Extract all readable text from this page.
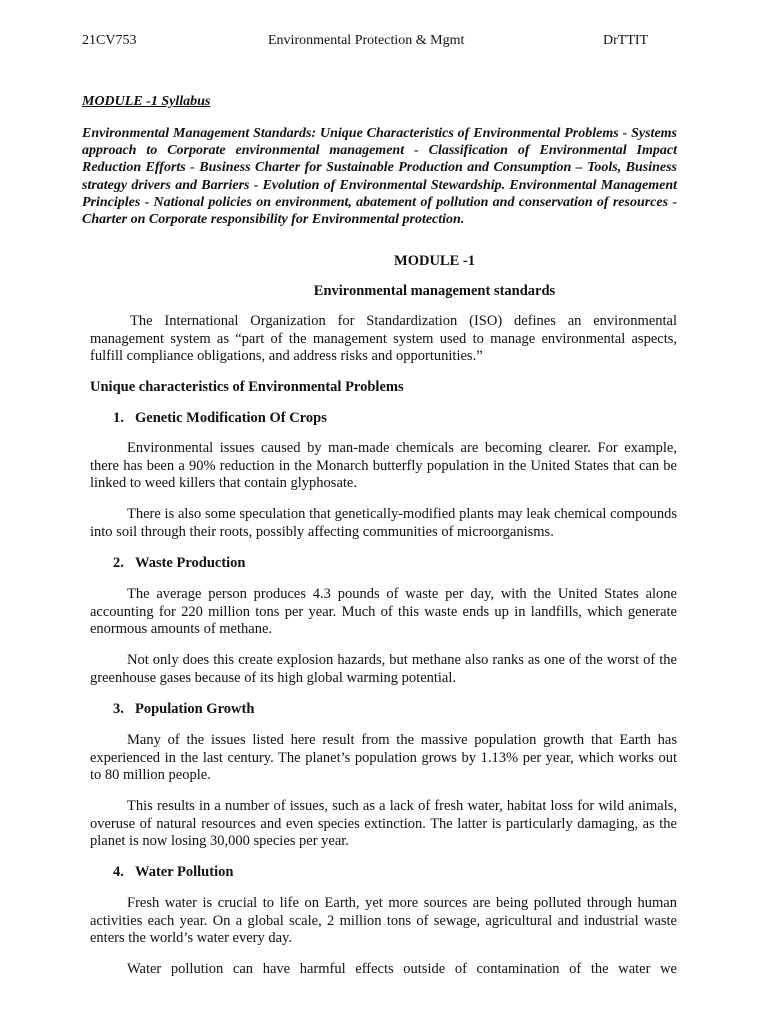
21CV753	Environmental Protection & Mgmt	DrTTIT
MODULE -1 Syllabus
Environmental Management Standards: Unique Characteristics of Environmental Problems - Systems approach to Corporate environmental management - Classification of Environmental Impact Reduction Efforts - Business Charter for Sustainable Production and Consumption – Tools, Business strategy drivers and Barriers - Evolution of Environmental Stewardship. Environmental Management Principles - National policies on environment, abatement of pollution and conservation of resources - Charter on Corporate responsibility for Environmental protection.
MODULE -1
Environmental management standards
The International Organization for Standardization (ISO) defines an environmental management system as “part of the management system used to manage environmental aspects, fulfill compliance obligations, and address risks and opportunities.”
Unique characteristics of Environmental Problems
1. Genetic Modification Of Crops
Environmental issues caused by man-made chemicals are becoming clearer. For example, there has been a 90% reduction in the Monarch butterfly population in the United States that can be linked to weed killers that contain glyphosate.
There is also some speculation that genetically-modified plants may leak chemical compounds into soil through their roots, possibly affecting communities of microorganisms.
2. Waste Production
The average person produces 4.3 pounds of waste per day, with the United States alone accounting for 220 million tons per year. Much of this waste ends up in landfills, which generate enormous amounts of methane.
Not only does this create explosion hazards, but methane also ranks as one of the worst of the greenhouse gases because of its high global warming potential.
3. Population Growth
Many of the issues listed here result from the massive population growth that Earth has experienced in the last century. The planet’s population grows by 1.13% per year, which works out to 80 million people.
This results in a number of issues, such as a lack of fresh water, habitat loss for wild animals, overuse of natural resources and even species extinction. The latter is particularly damaging, as the planet is now losing 30,000 species per year.
4. Water Pollution
Fresh water is crucial to life on Earth, yet more sources are being polluted through human activities each year. On a global scale, 2 million tons of sewage, agricultural and industrial waste enters the world’s water every day.
Water pollution can have harmful effects outside of contamination of the water we
